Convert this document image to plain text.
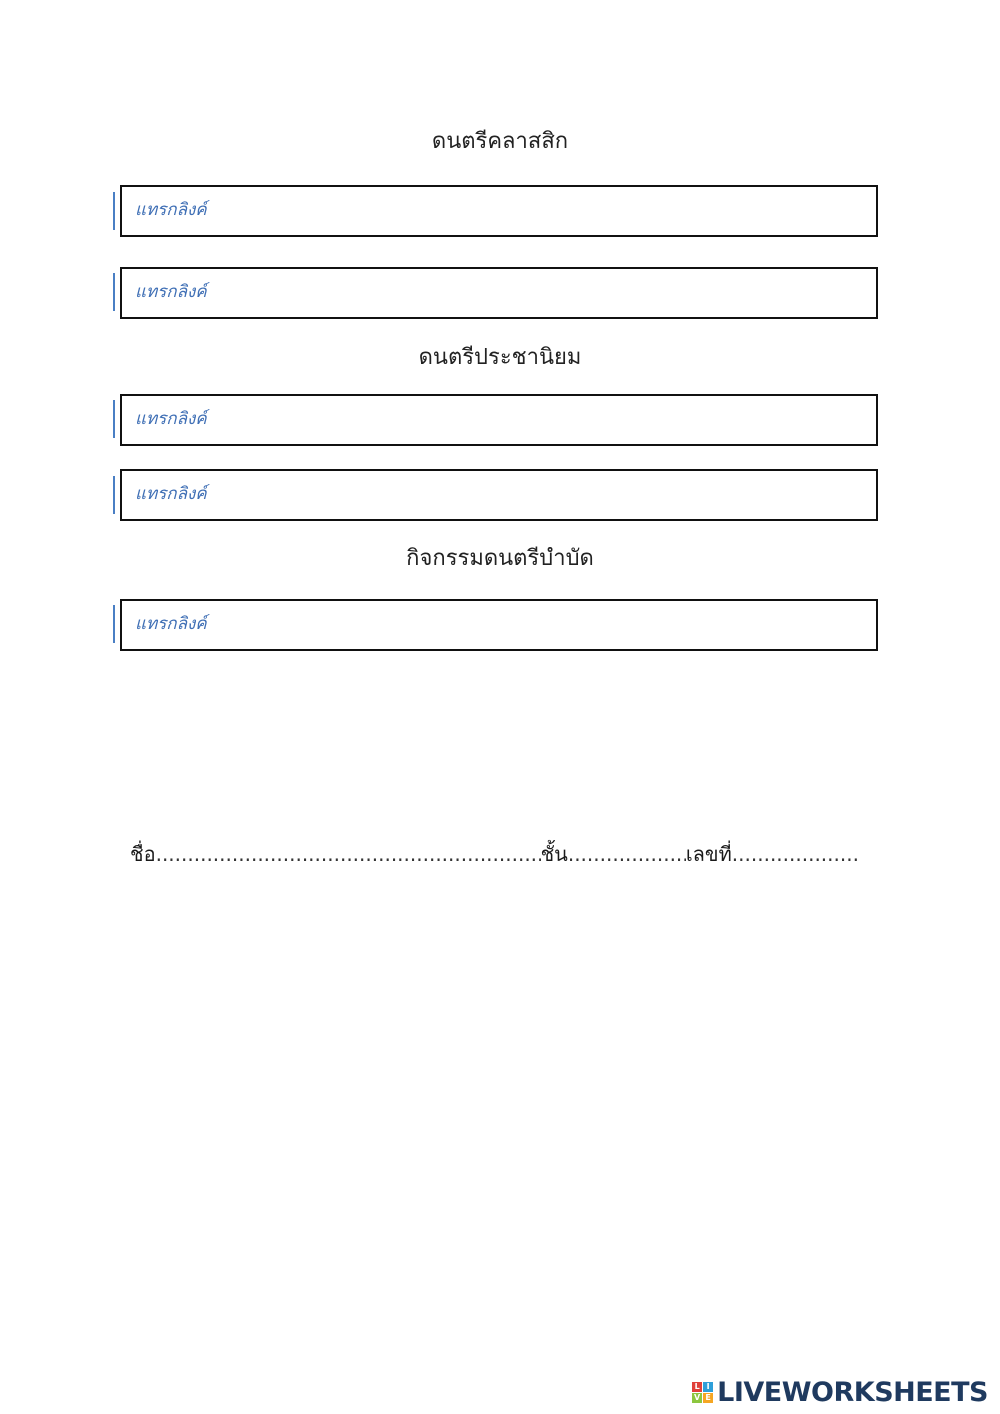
ดนตรีคลาสสิก
แทรกลิงค์
แทรกลิงค์
ดนตรีประชานิยม
แทรกลิงค์
แทรกลิงค์
กิจกรรมดนตรีบำบัด
แทรกลิงค์
ชื่อ .....	ชั้น .....	เลขที่
.....
L I
V E LIVEWORKSHEETS
